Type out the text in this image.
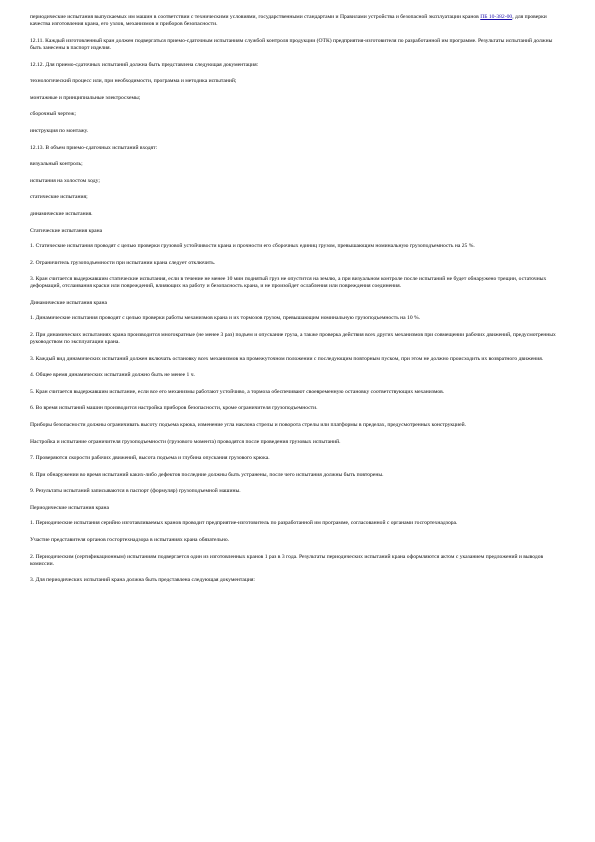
периодические испытания выпускаемых им машин в соответствии с техническими условиями, государственными стандартами и Правилами устройства и безопасной эксплуатации кранов ПБ 10-382-00, для проверки качества изготовления крана, его узлов, механизмов и приборов безопасности.

12.11. Каждый изготовленный кран должен подвергаться приемо-сдаточным испытаниям службой контроля продукции (ОТК) предприятия-изготовителя по разработанной им программе. Результаты испытаний должны быть занесены в паспорт изделия.

12.12. Для приемо-сдаточных испытаний должна быть представлена следующая документация:

технологический процесс или, при необходимости, программа и методика испытаний;

монтажные и принципиальные электросхемы;

сборочный чертеж;

инструкция по монтажу.

12.13. В объем приемо-сдаточных испытаний входят:

визуальный контроль;

испытания на холостом ходу;

статические испытания;

динамические испытания.

Статические испытания крана

1. Статические испытания проводят с целью проверки грузовой устойчивости крана и прочности его сборочных единиц грузом, превышающим номинальную грузоподъемность на 25 %.

2. Ограничитель грузоподъемности при испытании крана следует отключить.

3. Кран считается выдержавшим статические испытания, если в течение не менее 10 мин поднятый груз не опустится на землю, а при визуальном контроле после испытаний не будет обнаружено трещин, остаточных деформаций, отслаивания краски или повреждений, влияющих на работу и безопасность крана, и не произойдет ослабления или повреждения соединения.

Динамические испытания крана

1. Динамические испытания проводят с целью проверки работы механизмов крана и их тормозов грузом, превышающим номинальную грузоподъемность на 10 %.

2. При динамических испытаниях крана производится многократные (не менее 3 раз) подъем и опускание груза, а также проверка действия всех других механизмов при совмещении рабочих движений, предусмотренных руководством по эксплуатации крана.

3. Каждый вид динамических испытаний должен включать остановку всех механизмов на промежуточном положении с последующим повторным пуском, при этом не должно происходить их возвратного движения.

4. Общее время динамических испытаний должно быть не менее 1 ч.

5. Кран считается выдержавшим испытание, если все его механизмы работают устойчиво, а тормоза обеспечивают своевременную остановку соответствующих механизмов.

6. Во время испытаний машин производится настройка приборов безопасности, кроме ограничителя грузоподъемности.

Приборы безопасности должны ограничивать высоту подъема крюка, изменение угла наклона стрелы и поворота стрелы или платформы в пределах, предусмотренных конструкцией.

Настройка и испытание ограничителя грузоподъемности (грузового момента) проводятся после проведения грузовых испытаний.

7. Проверяются скорости рабочих движений, высота подъема и глубина опускания грузового крюка.

8. При обнаружении во время испытаний каких-либо дефектов последние должны быть устранены, после чего испытания должны быть повторены.

9. Результаты испытаний записываются в паспорт (формуляр) грузоподъемной машины.

Периодические испытания крана

1. Периодические испытания серийно изготавливаемых кранов проводит предприятие-изготовитель по разработанной им программе, согласованной с органами госгортехнадзора.

Участие представителя органов госгортехнадзора в испытаниях крана обязательно.

2. Периодическим (сертификационным) испытаниям подвергается один из изготовленных кранов 1 раз в 3 года. Результаты периодических испытаний крана оформляются актом с указанием предложений и выводов комиссии.

3. Для периодических испытаний крана должна быть представлена следующая документация:
